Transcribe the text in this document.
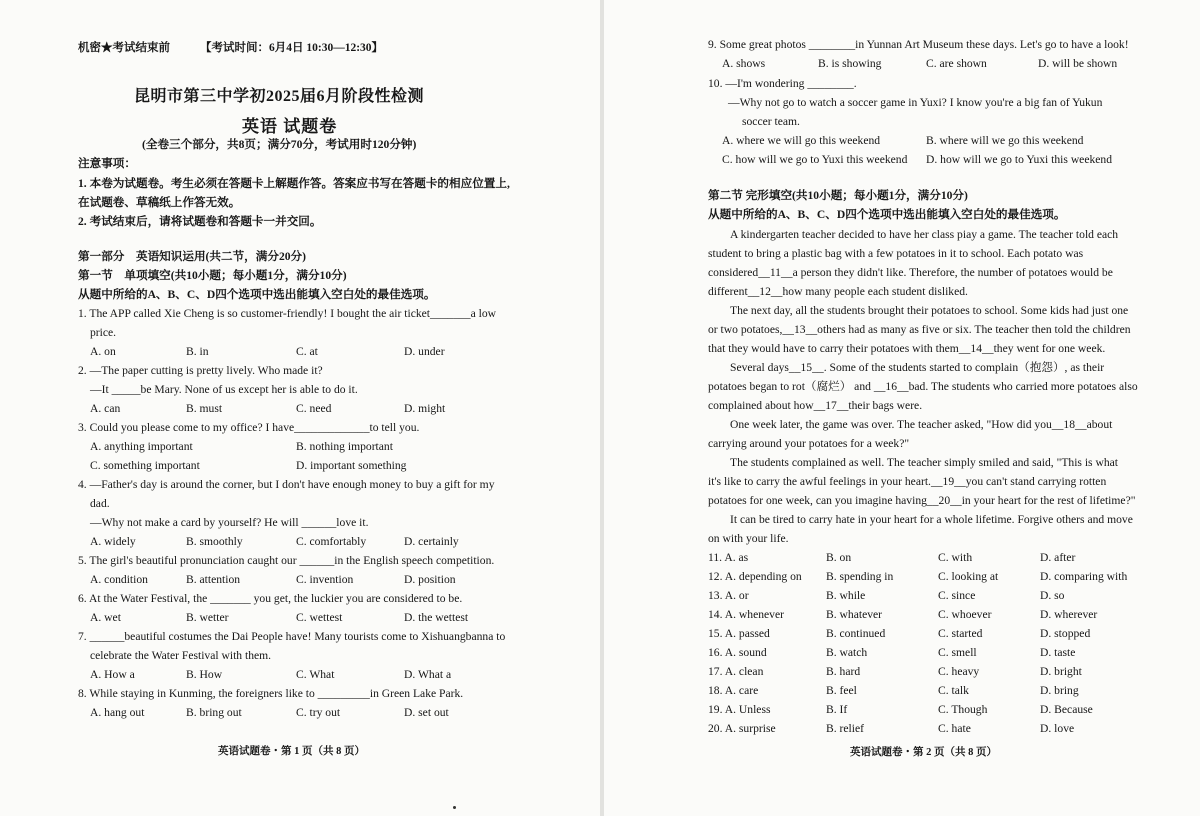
机密★考试结束前	【考试时间：6月4日 10:30—12:30】
昆明市第三中学初2025届6月阶段性检测
英语 试题卷
(全卷三个部分，共8页；满分70分，考试用时120分钟)
注意事项：
1. 本卷为试题卷。考生必须在答题卡上解题作答。答案应书写在答题卡的相应位置上,
在试题卷、草稿纸上作答无效。
2. 考试结束后，请将试题卷和答题卡一并交回。
第一部分　英语知识运用(共二节，满分20分)
第一节　单项填空(共10小题；每小题1分，满分10分)
从题中所给的A、B、C、D四个选项中选出能填入空白处的最佳选项。
1. The APP called Xie Cheng is so customer-friendly! I bought the air ticket_______a low
price.
A. on	B. in	C. at	D. under
2. —The paper cutting is pretty lively. Who made it?
—It _____be Mary. None of us except her is able to do it.
A. can	B. must	C. need	D. might
3. Could you please come to my office? I have_____________to tell you.
A. anything important	B. nothing important
C. something important	D. important something
4. —Father's day is around the corner, but I don't have enough money to buy a gift for my
dad.
—Why not make a card by yourself? He will ______love it.
A. widely	B. smoothly	C. comfortably	D. certainly
5. The girl's beautiful pronunciation caught our ______in the English speech competition.
A. condition	B. attention	C. invention	D. position
6. At the Water Festival, the _______ you get, the luckier you are considered to be.
A. wet	B. wetter	C. wettest	D. the wettest
7. ______beautiful costumes the Dai People have! Many tourists come to Xishuangbanna to
celebrate the Water Festival with them.
A. How a	B. How	C. What	D. What a
8. While staying in Kunming, the foreigners like to _________in Green Lake Park.
A. hang out	B. bring out	C. try out	D. set out
英语试题卷・第 1 页（共 8 页）
9. Some great photos ________in Yunnan Art Museum these days. Let's go to have a look!
A. shows	B. is showing	C. are shown	D. will be shown
10. —I'm wondering ________.
—Why not go to watch a soccer game in Yuxi? I know you're a big fan of Yukun
soccer team.
A. where we will go this weekend	B. where will we go this weekend
C. how will we go to Yuxi this weekend D. how will we go to Yuxi this weekend
第二节 完形填空(共10小题；每小题1分，满分10分)
从题中所给的A、B、C、D四个选项中选出能填入空白处的最佳选项。
A kindergarten teacher decided to have her class piay a game. The teacher told each
student to bring a plastic bag with a few potatoes in it to school. Each potato was
considered__11__a person they didn't like. Therefore, the number of potatoes would be
different__12__how many people each student disliked.
The next day, all the students brought their potatoes to school. Some kids had just one
or two potatoes,__13__others had as many as five or six. The teacher then told the children
that they would have to carry their potatoes with them__14__they went for one week.
Several days__15__. Some of the students started to complain（抱怨）, as their
potatoes began to rot（腐烂） and __16__bad. The students who carried more potatoes also
complained about how__17__their bags were.
One week later, the game was over. The teacher asked, "How did you__18__about
carrying around your potatoes for a week?"
The students complained as well. The teacher simply smiled and said, "This is what
it's like to carry the awful feelings in your heart.__19__you can't stand carrying rotten
potatoes for one week, can you imagine having__20__in your heart for the rest of lifetime?"
It can be tired to carry hate in your heart for a whole lifetime. Forgive others and move
on with your life.
11. A. as	B. on	C. with	D. after
12. A. depending on B. spending in	C. looking at	D. comparing with
13. A. or	B. while	C. since	D. so
14. A. whenever	B. whatever	C. whoever	D. wherever
15. A. passed	B. continued	C. started	D. stopped
16. A. sound	B. watch	C. smell	D. taste
17. A. clean	B. hard	C. heavy	D. bright
18. A. care	B. feel	C. talk	D. bring
19. A. Unless	B. If	C. Though	D. Because
20. A. surprise	B. relief	C. hate	D. love
英语试题卷・第 2 页（共 8 页）
